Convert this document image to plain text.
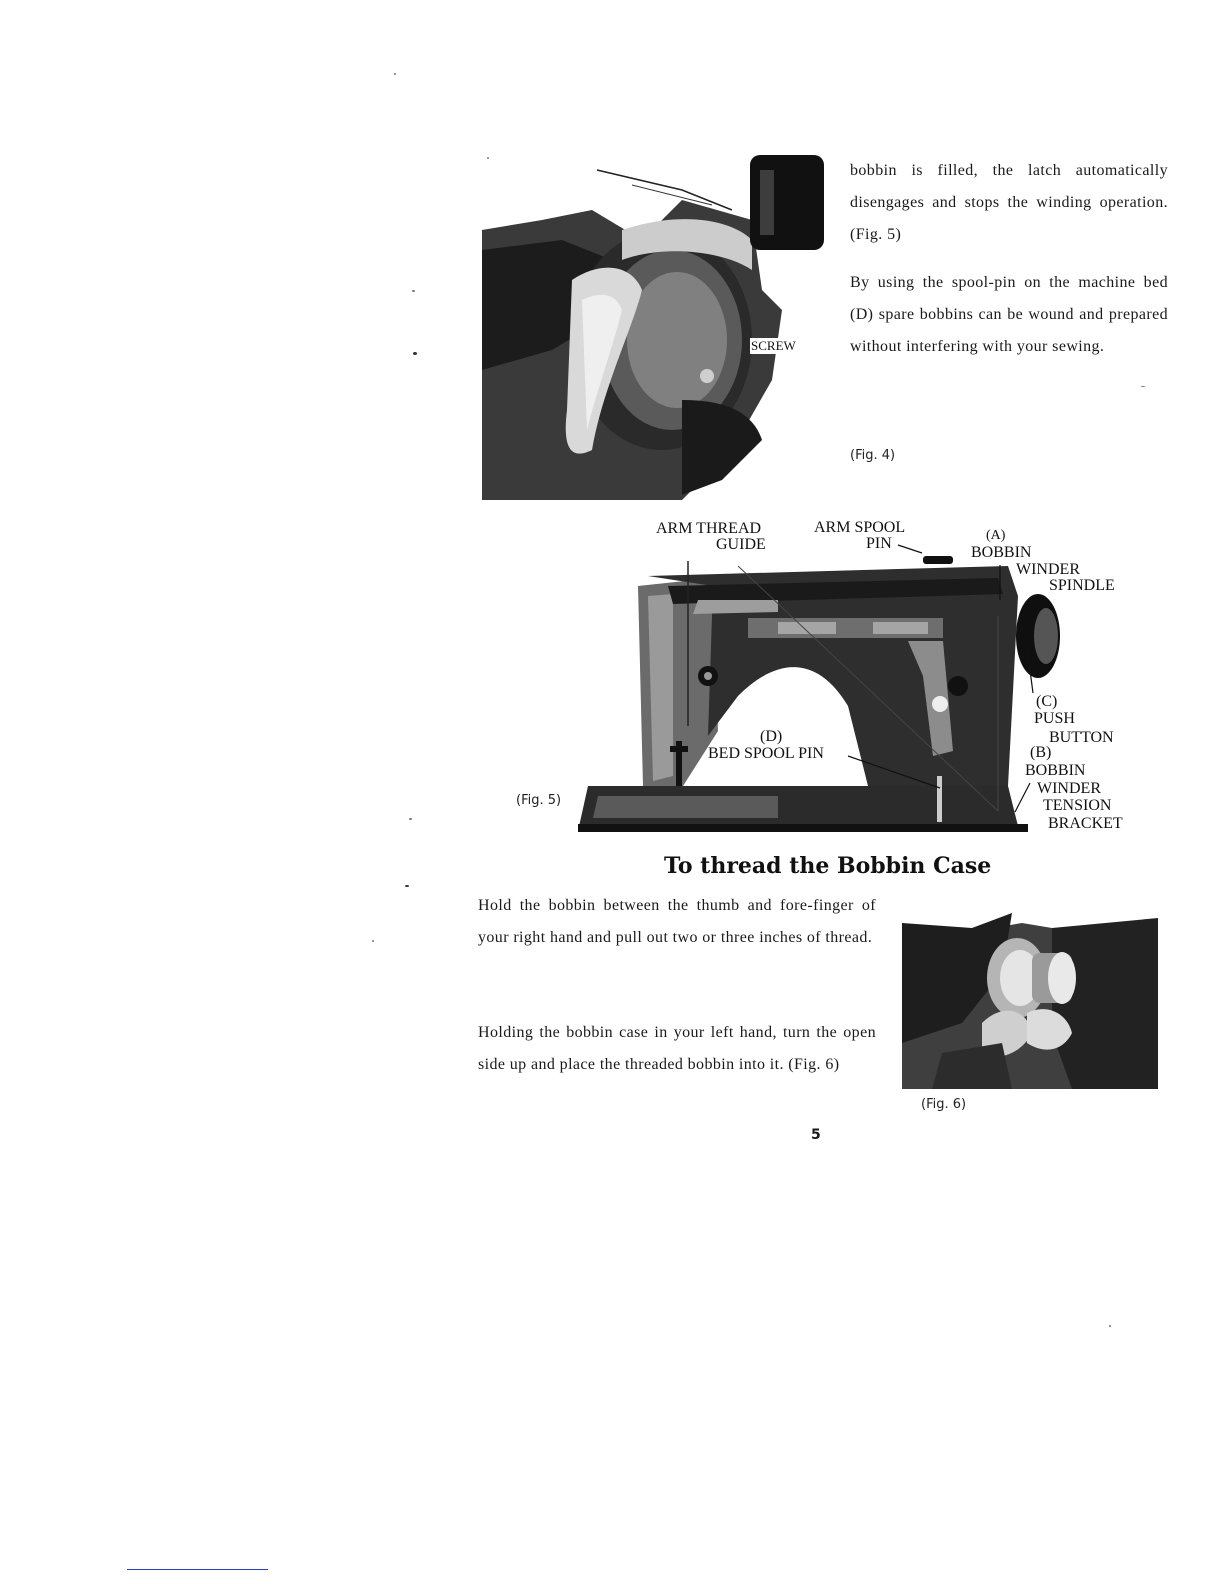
SCREW

bobbin is filled, the latch automatically disengages and stops the winding operation. (Fig. 5)

By using the spool-pin on the machine bed (D) spare bobbins can be wound and prepared without interfering with your sewing.

(Fig. 4)
(Fig. 5)
ARM THREAD
GUIDE
ARM SPOOL
PIN	(A)
BOBBIN
WINDER
SPINDLE
(C)
PUSH
BUTTON
(B)
BOBBIN
WINDER
TENSION
BRACKET
(D)
BED SPOOL PIN
To thread the Bobbin Case

Hold the bobbin between the thumb and fore-finger of your right hand and pull out two or three inches of thread.

Holding the bobbin case in your left hand, turn the open side up and place the threaded bobbin into it. (Fig. 6)

(Fig. 6)
5
